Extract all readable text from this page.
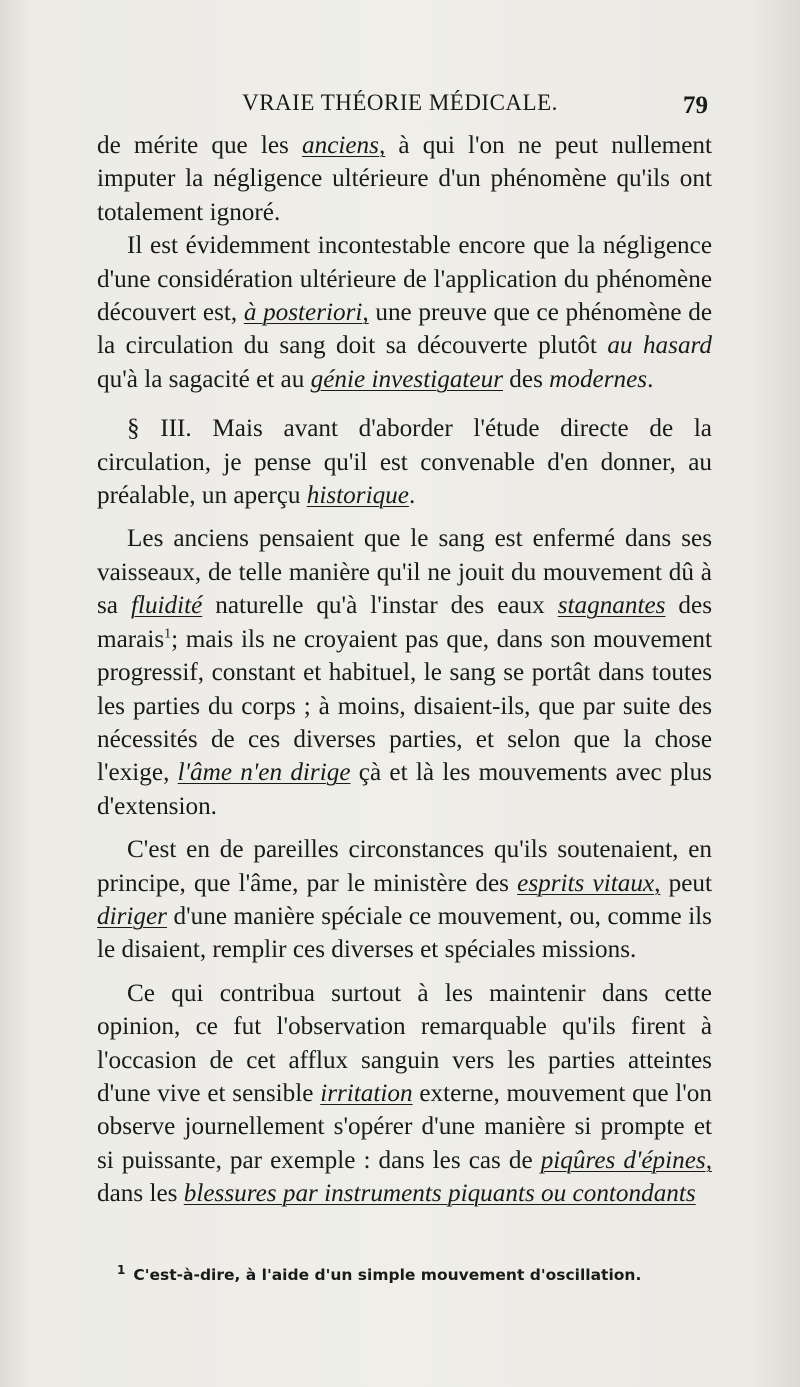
VRAIE THÉORIE MÉDICALE.	79

de mérite que les anciens, à qui l'on ne peut nullement imputer la négligence ultérieure d'un phénomène qu'ils ont totalement ignoré.

Il est évidemment incontestable encore que la négligence d'une considération ultérieure de l'application du phénomène découvert est, à posteriori, une preuve que ce phénomène de la circulation du sang doit sa découverte plutôt au hasard qu'à la sagacité et au génie investigateur des modernes.

§ III. Mais avant d'aborder l'étude directe de la circulation, je pense qu'il est convenable d'en donner, au préalable, un aperçu historique.

Les anciens pensaient que le sang est enfermé dans ses vaisseaux, de telle manière qu'il ne jouit du mouvement dû à sa fluidité naturelle qu'à l'instar des eaux stagnantes des marais$^1$; mais ils ne croyaient pas que, dans son mouvement progressif, constant et habituel, le sang se portât dans toutes les parties du corps ; à moins, disaient-ils, que par suite des nécessités de ces diverses parties, et selon que la chose l'exige, l'âme n'en dirige çà et là les mouvements avec plus d'extension.

C'est en de pareilles circonstances qu'ils soutenaient, en principe, que l'âme, par le ministère des esprits vitaux, peut diriger d'une manière spéciale ce mouvement, ou, comme ils le disaient, remplir ces diverses et spéciales missions.

Ce qui contribua surtout à les maintenir dans cette opinion, ce fut l'observation remarquable qu'ils firent à l'occasion de cet afflux sanguin vers les parties atteintes d'une vive et sensible irritation externe, mouvement que l'on observe journellement s'opérer d'une manière si prompte et si puissante, par exemple : dans les cas de piqûres d'épines, dans les blessures par instruments piquants ou contondants

$^1$ C'est-à-dire, à l'aide d'un simple mouvement d'oscillation.
